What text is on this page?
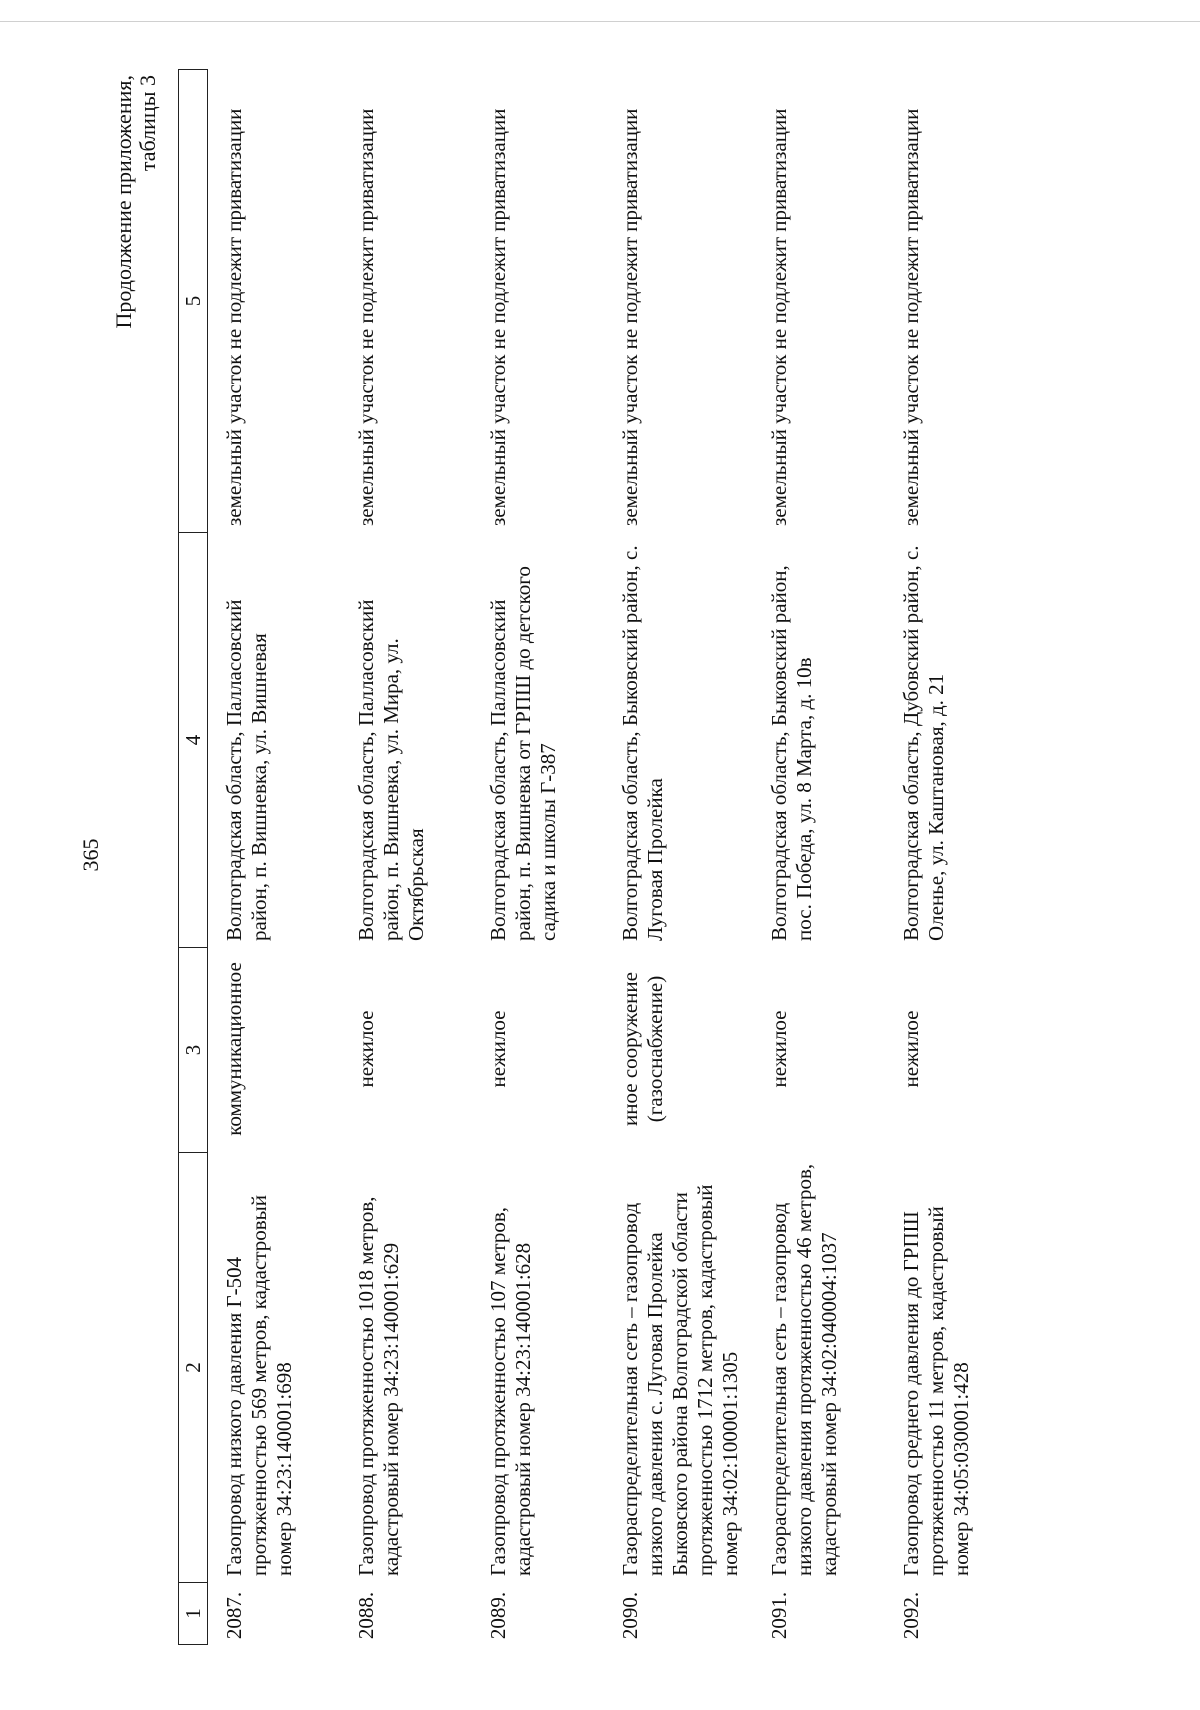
365
Продолжение приложения, таблицы 3
1	2	3	4	5
2087.	Газопровод низкого давления Г-504 протяженностью 569 метров, кадастровый номер 34:23:140001:698	коммуникационное	Волгоградская область, Палласовский район, п. Вишневка, ул. Вишневая	земельный участок не подлежит приватизации
2088.	Газопровод протяженностью 1018 метров, кадастровый номер 34:23:140001:629	нежилое	Волгоградская область, Палласовский район, п. Вишневка, ул. Мира, ул. Октябрьская	земельный участок не подлежит приватизации
2089.	Газопровод протяженностью 107 метров, кадастровый номер 34:23:140001:628	нежилое	Волгоградская область, Палласовский район, п. Вишневка от ГРПШ до детского садика и школы Г-387	земельный участок не подлежит приватизации
2090.	Газораспределительная сеть – газопровод низкого давления с. Луговая Пролейка Быковского района Волгоградской области протяженностью 1712 метров, кадастровый номер 34:02:100001:1305	иное сооружение (газоснабжение)	Волгоградская область, Быковский район, с. Луговая Пролейка	земельный участок не подлежит приватизации
2091.	Газораспределительная сеть – газопровод низкого давления протяженностью 46 метров, кадастровый номер 34:02:040004:1037	нежилое	Волгоградская область, Быковский район, пос. Победа, ул. 8 Марта, д. 10в	земельный участок не подлежит приватизации
2092.	Газопровод среднего давления до ГРПШ протяженностью 11 метров, кадастровый номер 34:05:030001:428	нежилое	Волгоградская область, Дубовский район, с. Оленье, ул. Каштановая, д. 21	земельный участок не подлежит приватизации
